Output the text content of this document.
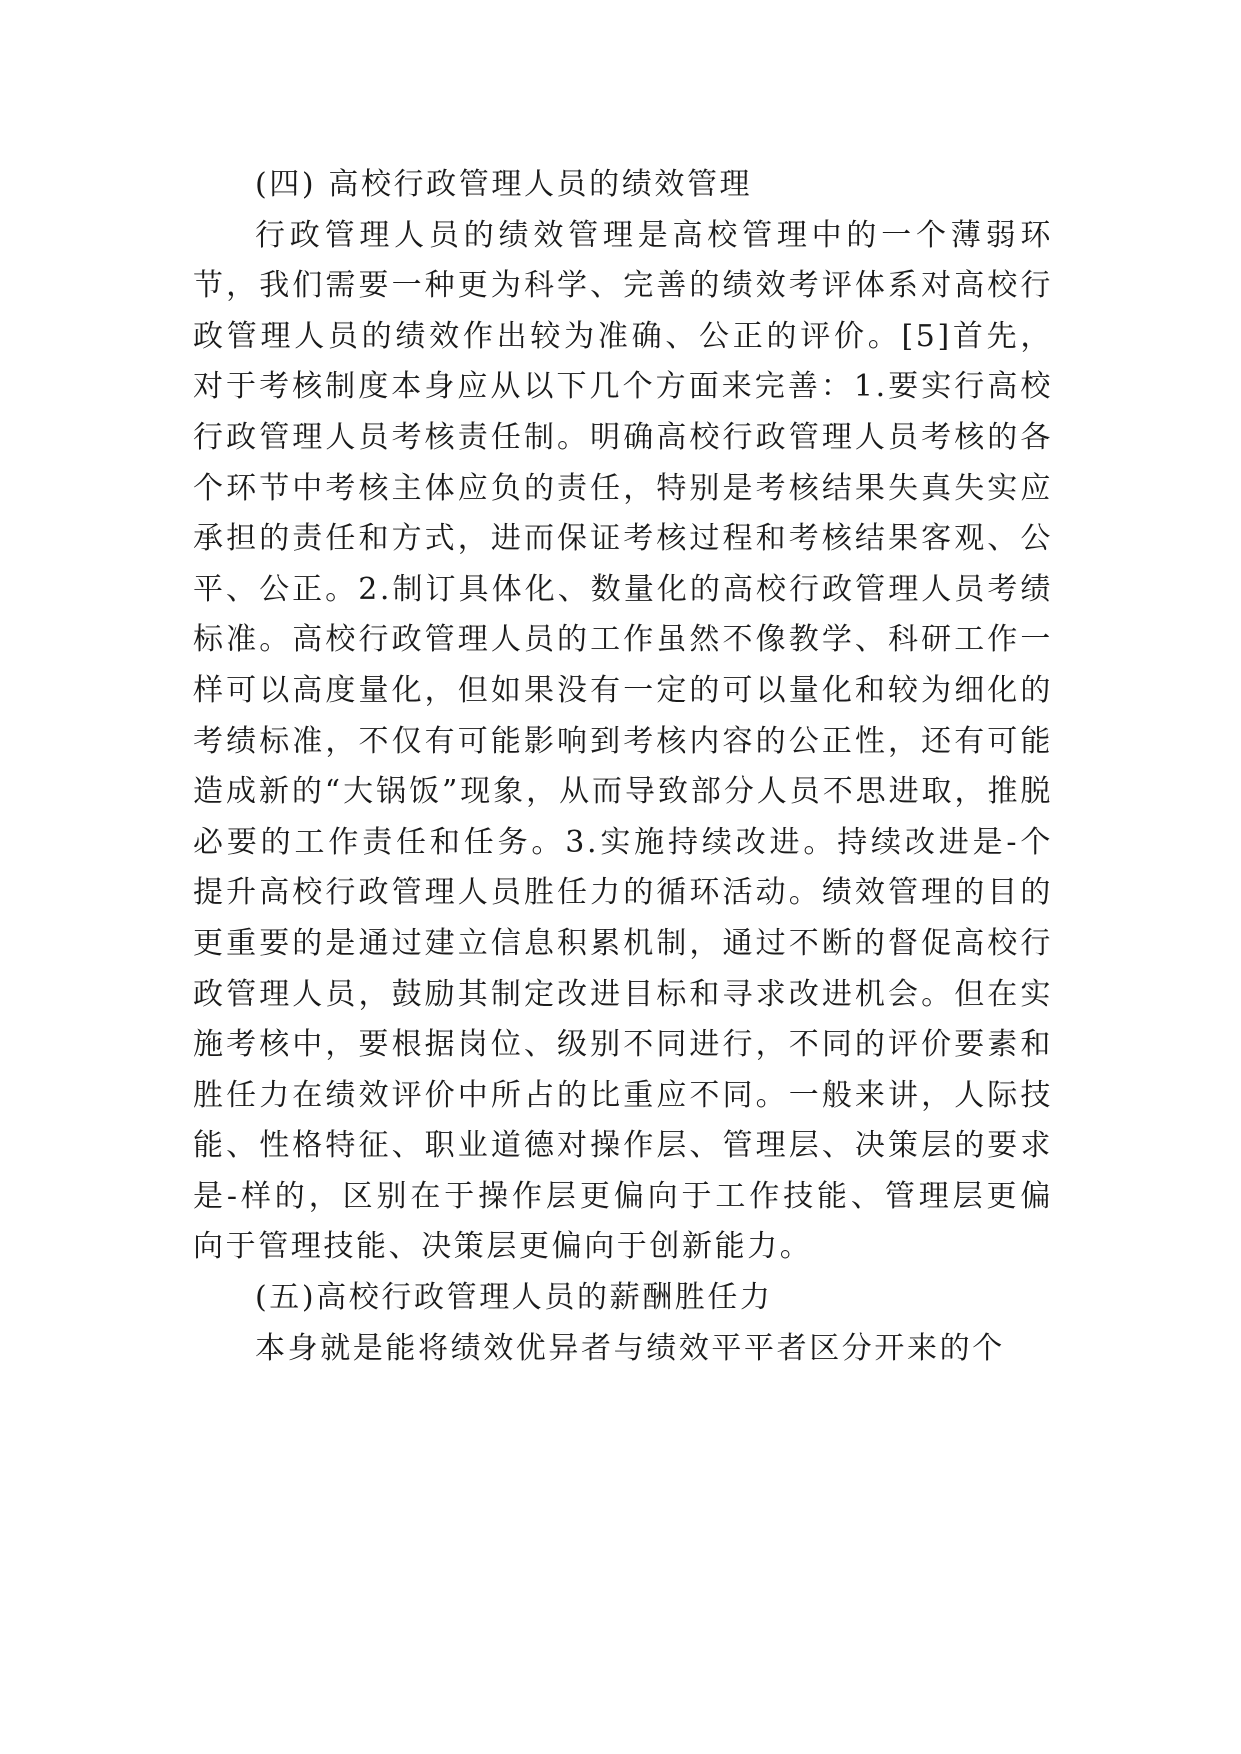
(四) 高校行政管理人员的绩效管理

行政管理人员的绩效管理是高校管理中的一个薄弱环节，我们需要一种更为科学、完善的绩效考评体系对高校行政管理人员的绩效作出较为准确、公正的评价。[5]首先，对于考核制度本身应从以下几个方面来完善：1.要实行高校行政管理人员考核责任制。明确高校行政管理人员考核的各个环节中考核主体应负的责任，特别是考核结果失真失实应承担的责任和方式，进而保证考核过程和考核结果客观、公平、公正。2.制订具体化、数量化的高校行政管理人员考绩标准。高校行政管理人员的工作虽然不像教学、科研工作一样可以高度量化，但如果没有一定的可以量化和较为细化的考绩标准，不仅有可能影响到考核内容的公正性，还有可能造成新的“大锅饭”现象，从而导致部分人员不思进取，推脱必要的工作责任和任务。3.实施持续改进。持续改进是-个提升高校行政管理人员胜任力的循环活动。绩效管理的目的更重要的是通过建立信息积累机制，通过不断的督促高校行政管理人员，鼓励其制定改进目标和寻求改进机会。但在实施考核中，要根据岗位、级别不同进行，不同的评价要素和胜任力在绩效评价中所占的比重应不同。一般来讲，人际技能、性格特征、职业道德对操作层、管理层、决策层的要求是-样的，区别在于操作层更偏向于工作技能、管理层更偏向于管理技能、决策层更偏向于创新能力。

(五)高校行政管理人员的薪酬胜任力

本身就是能将绩效优异者与绩效平平者区分开来的个
